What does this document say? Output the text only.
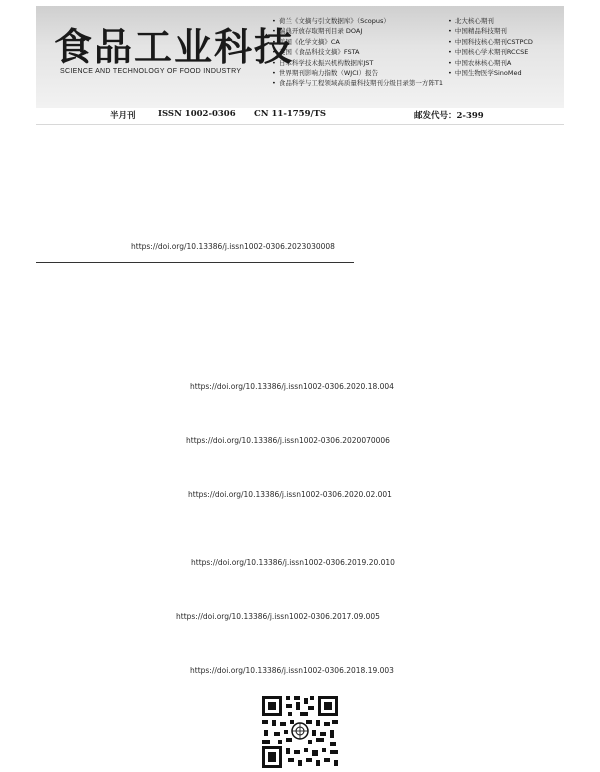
食品工业科技
SCIENCE AND TECHNOLOGY OF FOOD INDUSTRY
• 荷兰《文摘与引文数据库》（Scopus）
• 瑞典开放存取期刊目录 DOAJ
• 美国《化学文摘》CA
• 英国《食品科技文摘》FSTA
• 日本科学技术振兴机构数据库JST
• 世界期刊影响力指数（WJCI）报告
• 食品科学与工程领域高质量科技期刊分级目录第一方阵T1
• 北大核心期刊
• 中国精品科技期刊
• 中国科技核心期刊CSTPCD
• 中国核心学术期刊RCCSE
• 中国农林核心期刊A
• 中国生物医学SinoMed
半月刊	ISSN 1002-0306 CN 11-1759/TS	邮发代号：2-399
https://doi.org/10.13386/j.issn1002-0306.2023030008
https://doi.org/10.13386/j.issn1002-0306.2020.18.004
https://doi.org/10.13386/j.issn1002-0306.2020070006
https://doi.org/10.13386/j.issn1002-0306.2020.02.001
https://doi.org/10.13386/j.issn1002-0306.2019.20.010
https://doi.org/10.13386/j.issn1002-0306.2017.09.005
https://doi.org/10.13386/j.issn1002-0306.2018.19.003
